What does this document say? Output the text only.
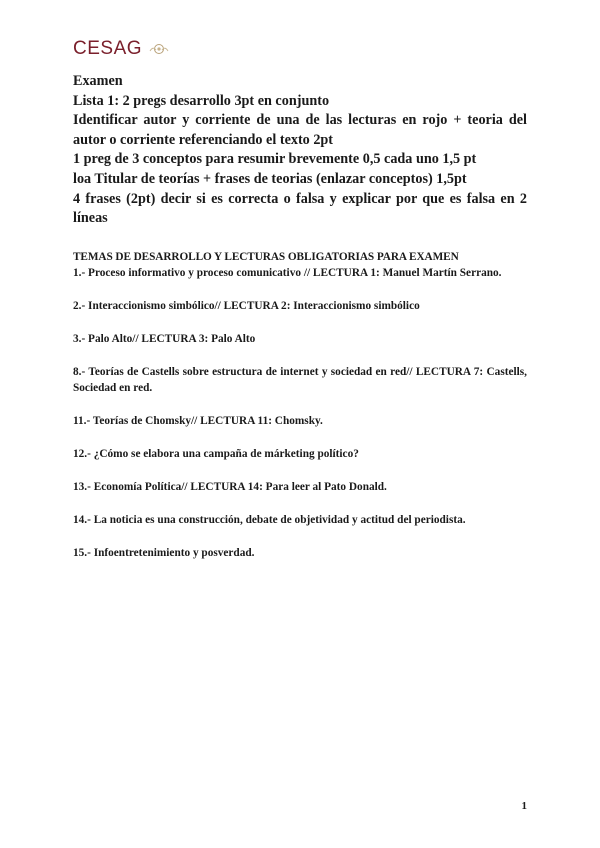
CESAG

Examen

Lista 1: 2 pregs desarrollo 3pt en conjunto

Identificar autor y corriente de una de las lecturas en rojo + teoria del autor o corriente referenciando el texto 2pt

1 preg de 3 conceptos para resumir brevemente 0,5 cada uno 1,5 pt

loa Titular de teorías + frases de teorias (enlazar conceptos) 1,5pt

4 frases (2pt) decir si es correcta o falsa y explicar por que es falsa en 2 líneas

TEMAS DE DESARROLLO Y LECTURAS OBLIGATORIAS PARA EXAMEN

1.- Proceso informativo y proceso comunicativo // LECTURA 1: Manuel Martín Serrano.

2.- Interaccionismo simbólico// LECTURA 2: Interaccionismo simbólico

3.- Palo Alto// LECTURA 3: Palo Alto

8.- Teorías de Castells sobre estructura de internet y sociedad en red// LECTURA 7: Castells, Sociedad en red.

11.- Teorías de Chomsky// LECTURA 11: Chomsky.

12.- ¿Cómo se elabora una campaña de márketing político?

13.- Economía Política// LECTURA 14: Para leer al Pato Donald.

14.- La noticia es una construcción, debate de objetividad y actitud del periodista.

15.- Infoentretenimiento y posverdad.

1
